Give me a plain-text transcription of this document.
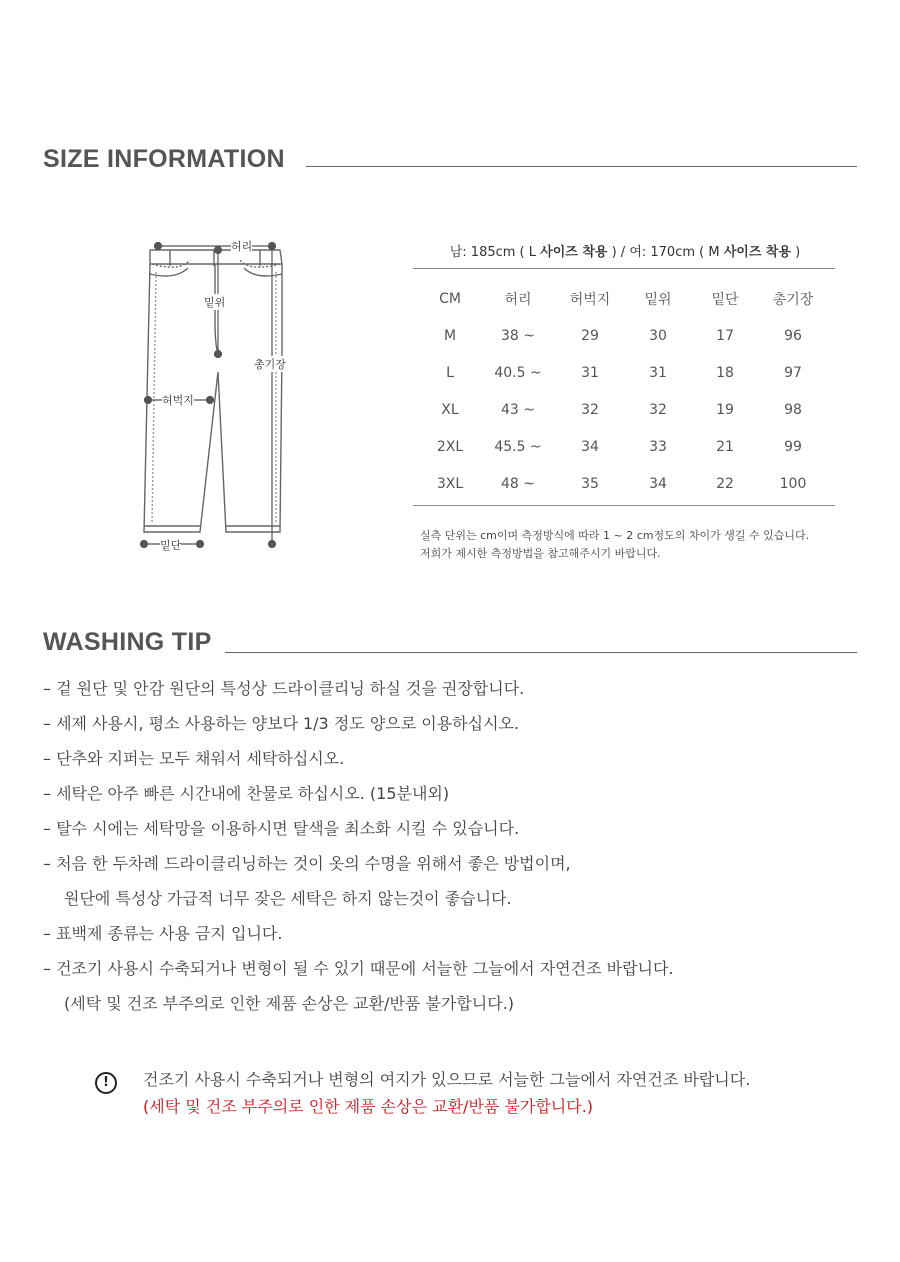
SIZE INFORMATION
허리
밑위
총기장
허벅지
밑단
남: 185cm ( L 사이즈 착용 ) / 여: 170cm ( M 사이즈 착용 )
CM	허리	허벅지	밑위	밑단	총기장
M	38 ~	29	30	17	96
L	40.5 ~	31	31	18	97
XL	43 ~	32	32	19	98
2XL	45.5 ~	34	33	21	99
3XL	48 ~	35	34	22	100
실측 단위는 cm이며 측정방식에 따라 1 ~ 2 cm정도의 차이가 생길 수 있습니다.
저희가 제시한 측정방법을 참고해주시기 바랍니다.
WASHING TIP
– 겉 원단 및 안감 원단의 특성상 드라이클리닝 하실 것을 권장합니다.
– 세제 사용시, 평소 사용하는 양보다 1/3 정도 양으로 이용하십시오.
– 단추와 지퍼는 모두 채워서 세탁하십시오.
– 세탁은 아주 빠른 시간내에 찬물로 하십시오. (15분내외)
– 탈수 시에는 세탁망을 이용하시면 탈색을 최소화 시킬 수 있습니다.
– 처음 한 두차례 드라이클리닝하는 것이 옷의 수명을 위해서 좋은 방법이며,
원단에 특성상 가급적 너무 잦은 세탁은 하지 않는것이 좋습니다.
– 표백제 종류는 사용 금지 입니다.
– 건조기 사용시 수축되거나 변형이 될 수 있기 때문에 서늘한 그늘에서 자연건조 바랍니다.
(세탁 및 건조 부주의로 인한 제품 손상은 교환/반품 불가합니다.)
!	건조기 사용시 수축되거나 변형의 여지가 있으므로 서늘한 그늘에서 자연건조 바랍니다.
(세탁 및 건조 부주의로 인한 제품 손상은 교환/반품 불가합니다.)
